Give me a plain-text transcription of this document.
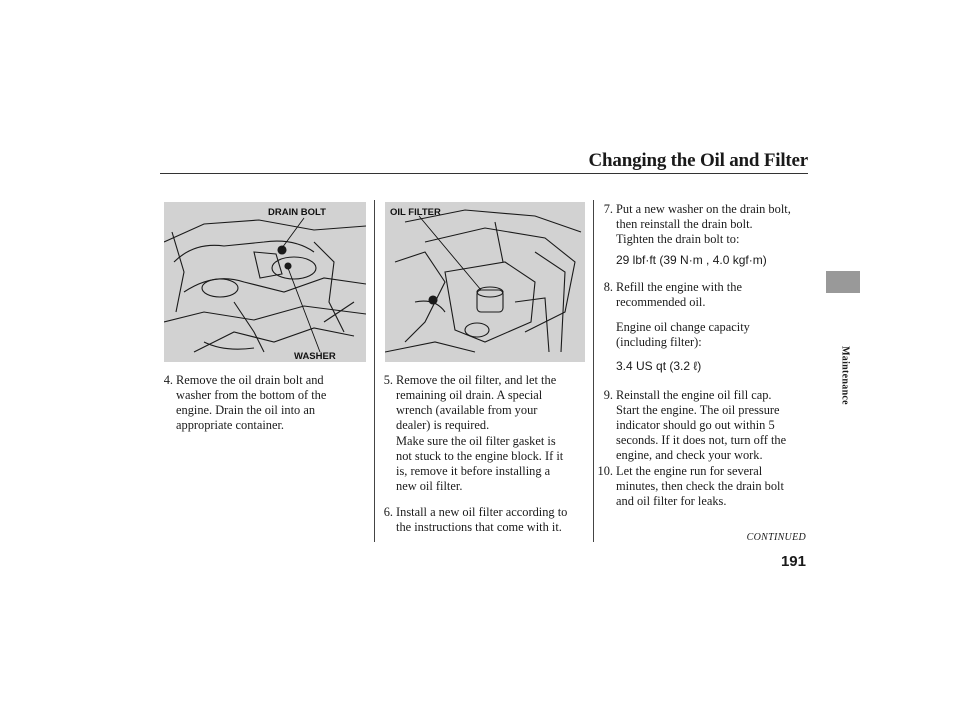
Changing the Oil and Filter
DRAIN BOLT
WASHER
OIL FILTER
4. Remove the oil drain bolt and
washer from the bottom of the
engine. Drain the oil into an
appropriate container.
5. Remove the oil filter, and let the
remaining oil drain. A special
wrench (available from your
dealer) is required.
Make sure the oil filter gasket is
not stuck to the engine block. If it
is, remove it before installing a
new oil filter.
6. Install a new oil filter according to
the instructions that come with it.
7. Put a new washer on the drain bolt,
then reinstall the drain bolt.
Tighten the drain bolt to:
29 lbf·ft (39 N·m , 4.0 kgf·m)
8. Refill the engine with the
recommended oil.
Engine oil change capacity
(including filter):
3.4 US qt (3.2 ℓ)
9. Reinstall the engine oil fill cap.
Start the engine. The oil pressure
indicator should go out within 5
seconds. If it does not, turn off the
engine, and check your work.
10. Let the engine run for several
minutes, then check the drain bolt
and oil filter for leaks.
CONTINUED
191
Maintenance
